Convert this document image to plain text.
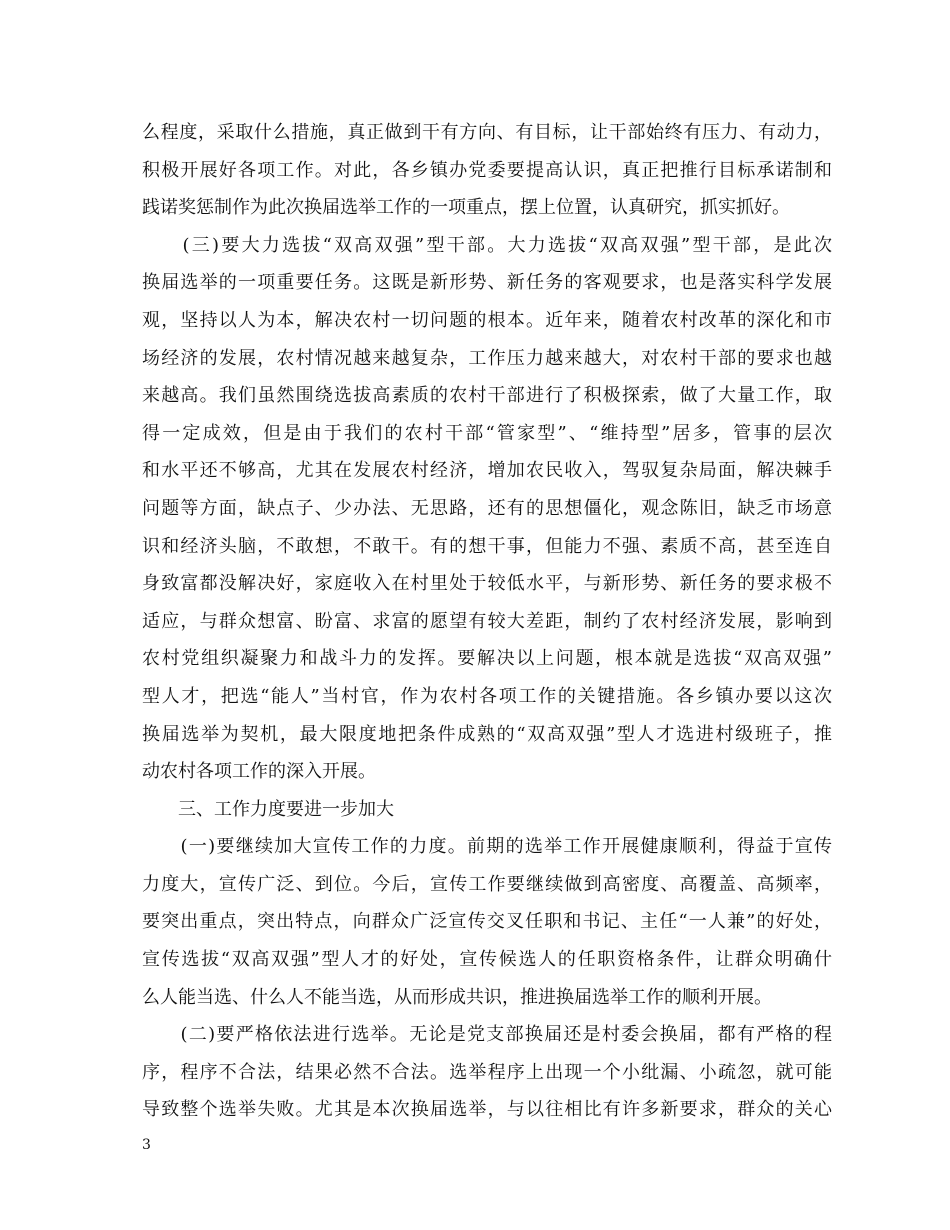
么程度，采取什么措施，真正做到干有方向、有目标，让干部始终有压力、有动力，
积极开展好各项工作。对此，各乡镇办党委要提高认识，真正把推行目标承诺制和
践诺奖惩制作为此次换届选举工作的一项重点，摆上位置，认真研究，抓实抓好。
　　(三)要大力选拔“双高双强”型干部。大力选拔“双高双强”型干部，是此次
换届选举的一项重要任务。这既是新形势、新任务的客观要求，也是落实科学发展
观，坚持以人为本，解决农村一切问题的根本。近年来，随着农村改革的深化和市
场经济的发展，农村情况越来越复杂，工作压力越来越大，对农村干部的要求也越
来越高。我们虽然围绕选拔高素质的农村干部进行了积极探索，做了大量工作，取
得一定成效，但是由于我们的农村干部“管家型”、“维持型”居多，管事的层次
和水平还不够高，尤其在发展农村经济，增加农民收入，驾驭复杂局面，解决棘手
问题等方面，缺点子、少办法、无思路，还有的思想僵化，观念陈旧，缺乏市场意
识和经济头脑，不敢想，不敢干。有的想干事，但能力不强、素质不高，甚至连自
身致富都没解决好，家庭收入在村里处于较低水平，与新形势、新任务的要求极不
适应，与群众想富、盼富、求富的愿望有较大差距，制约了农村经济发展，影响到
农村党组织凝聚力和战斗力的发挥。要解决以上问题，根本就是选拔“双高双强”
型人才，把选“能人”当村官，作为农村各项工作的关键措施。各乡镇办要以这次
换届选举为契机，最大限度地把条件成熟的“双高双强”型人才选进村级班子，推
动农村各项工作的深入开展。
　　三、工作力度要进一步加大
　　(一)要继续加大宣传工作的力度。前期的选举工作开展健康顺利，得益于宣传
力度大，宣传广泛、到位。今后，宣传工作要继续做到高密度、高覆盖、高频率，
要突出重点，突出特点，向群众广泛宣传交叉任职和书记、主任“一人兼”的好处，
宣传选拔“双高双强”型人才的好处，宣传候选人的任职资格条件，让群众明确什
么人能当选、什么人不能当选，从而形成共识，推进换届选举工作的顺利开展。
　　(二)要严格依法进行选举。无论是党支部换届还是村委会换届，都有严格的程
序，程序不合法，结果必然不合法。选举程序上出现一个小纰漏、小疏忽，就可能
导致整个选举失败。尤其是本次换届选举，与以往相比有许多新要求，群众的关心
3
